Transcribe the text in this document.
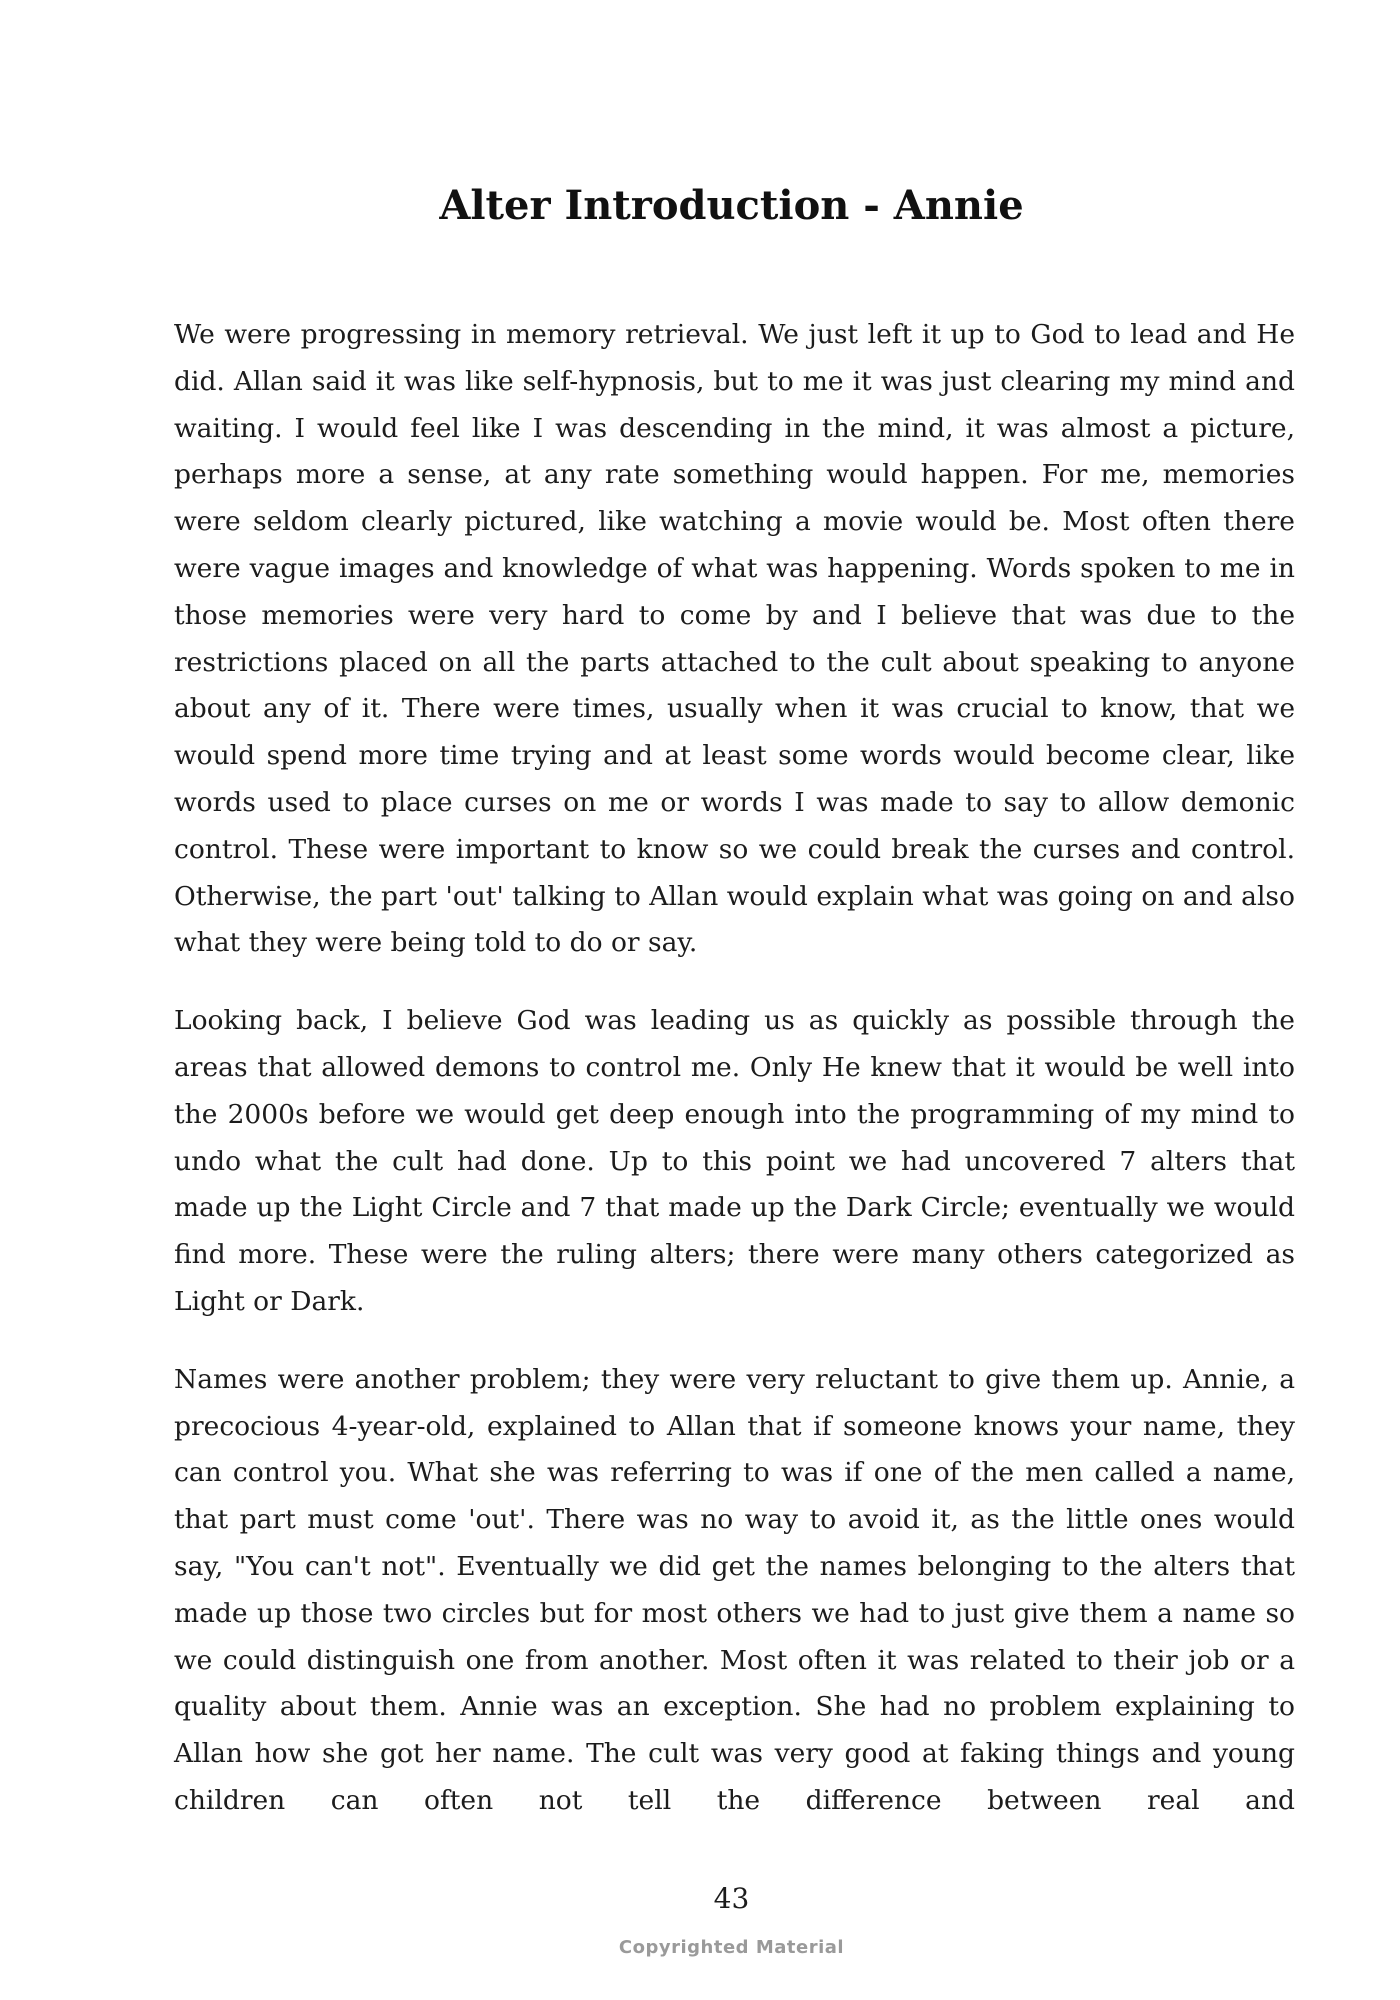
Alter Introduction - Annie

We were progressing in memory retrieval. We just left it up to God to lead and He did. Allan said it was like self-hypnosis, but to me it was just clearing my mind and waiting. I would feel like I was descending in the mind, it was almost a picture, perhaps more a sense, at any rate something would happen. For me, memories were seldom clearly pictured, like watching a movie would be. Most often there were vague images and knowledge of what was happening. Words spoken to me in those memories were very hard to come by and I believe that was due to the restrictions placed on all the parts attached to the cult about speaking to anyone about any of it. There were times, usually when it was crucial to know, that we would spend more time trying and at least some words would become clear, like words used to place curses on me or words I was made to say to allow demonic control. These were important to know so we could break the curses and control. Otherwise, the part 'out' talking to Allan would explain what was going on and also what they were being told to do or say.

Looking back, I believe God was leading us as quickly as possible through the areas that allowed demons to control me. Only He knew that it would be well into the 2000s before we would get deep enough into the programming of my mind to undo what the cult had done. Up to this point we had uncovered 7 alters that made up the Light Circle and 7 that made up the Dark Circle; eventually we would find more. These were the ruling alters; there were many others categorized as Light or Dark.

Names were another problem; they were very reluctant to give them up. Annie, a precocious 4-year-old, explained to Allan that if someone knows your name, they can control you. What she was referring to was if one of the men called a name, that part must come 'out'. There was no way to avoid it, as the little ones would say, "You can't not". Eventually we did get the names belonging to the alters that made up those two circles but for most others we had to just give them a name so we could distinguish one from another. Most often it was related to their job or a quality about them. Annie was an exception. She had no problem explaining to Allan how she got her name. The cult was very good at faking things and young children can often not tell the difference between real and

43
Copyrighted Material
